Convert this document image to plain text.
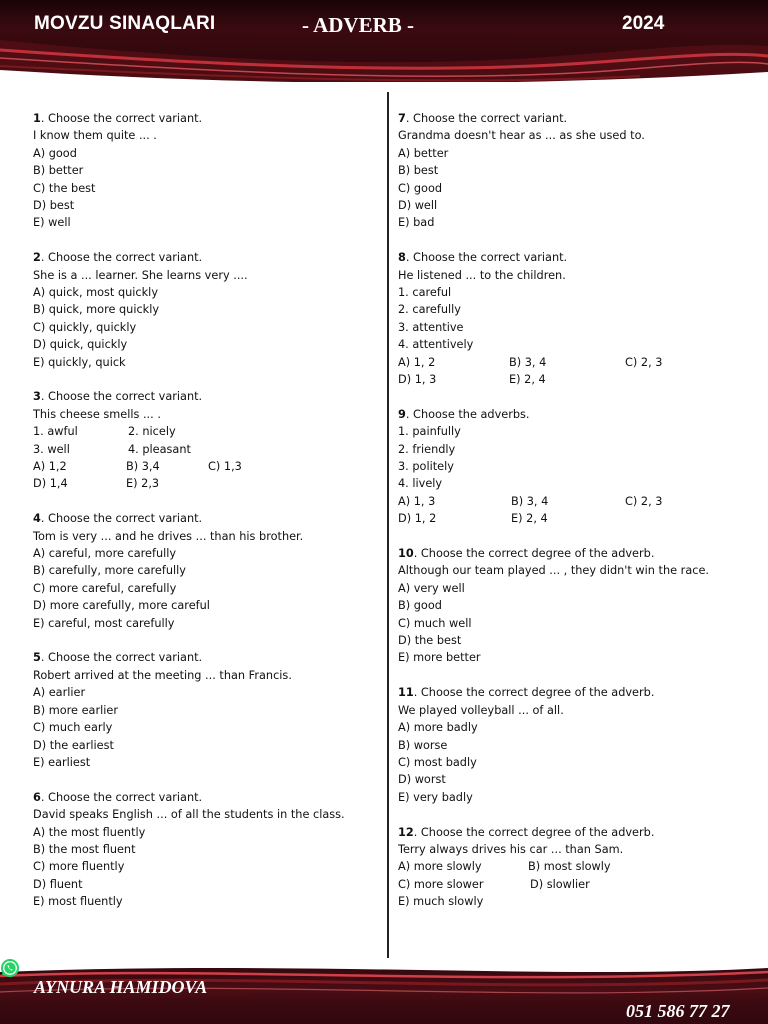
MOVZU SINAQLARI	- ADVERB -	2024
1. Choose the correct variant.
I know them quite ... .
A) good
B) better
C) the best
D) best
E) well
2. Choose the correct variant.
She is a ... learner. She learns very ....
A) quick, most quickly
B) quick, more quickly
C) quickly, quickly
D) quick, quickly
E) quickly, quick
3. Choose the correct variant.
This cheese smells ... .
1. awful	2. nicely
3. well	4. pleasant
A) 1,2	B) 3,4	C) 1,3
D) 1,4	E) 2,3
4. Choose the correct variant.
Tom is very ... and he drives ... than his brother.
A) careful, more carefully
B) carefully, more carefully
C) more careful, carefully
D) more carefully, more careful
E) careful, most carefully
5. Choose the correct variant.
Robert arrived at the meeting ... than Francis.
A) earlier
B) more earlier
C) much early
D) the earliest
E) earliest
6. Choose the correct variant.
David speaks English ... of all the students in the class.
A) the most fluently
B) the most fluent
C) more fluently
D) fluent
E) most fluently
7. Choose the correct variant.
Grandma doesn't hear as ... as she used to.
A) better
B) best
C) good
D) well
E) bad
8. Choose the correct variant.
He listened ... to the children.
1. careful
2. carefully
3. attentive
4. attentively
A) 1, 2	B) 3, 4	C) 2, 3
D) 1, 3	E) 2, 4
9. Choose the adverbs.
1. painfully
2. friendly
3. politely
4. lively
A) 1, 3	B) 3, 4	C) 2, 3
D) 1, 2	E) 2, 4
10. Choose the correct degree of the adverb.
Although our team played ... , they didn't win the race.
A) very well
B) good
C) much well
D) the best
E) more better
11. Choose the correct degree of the adverb.
We played volleyball ... of all.
A) more badly
B) worse
C) most badly
D) worst
E) very badly
12. Choose the correct degree of the adverb.
Terry always drives his car ... than Sam.
A) more slowly	B) most slowly
C) more slower	D) slowlier
E) much slowly
AYNURA HAMIDOVA
051 586 77 27
